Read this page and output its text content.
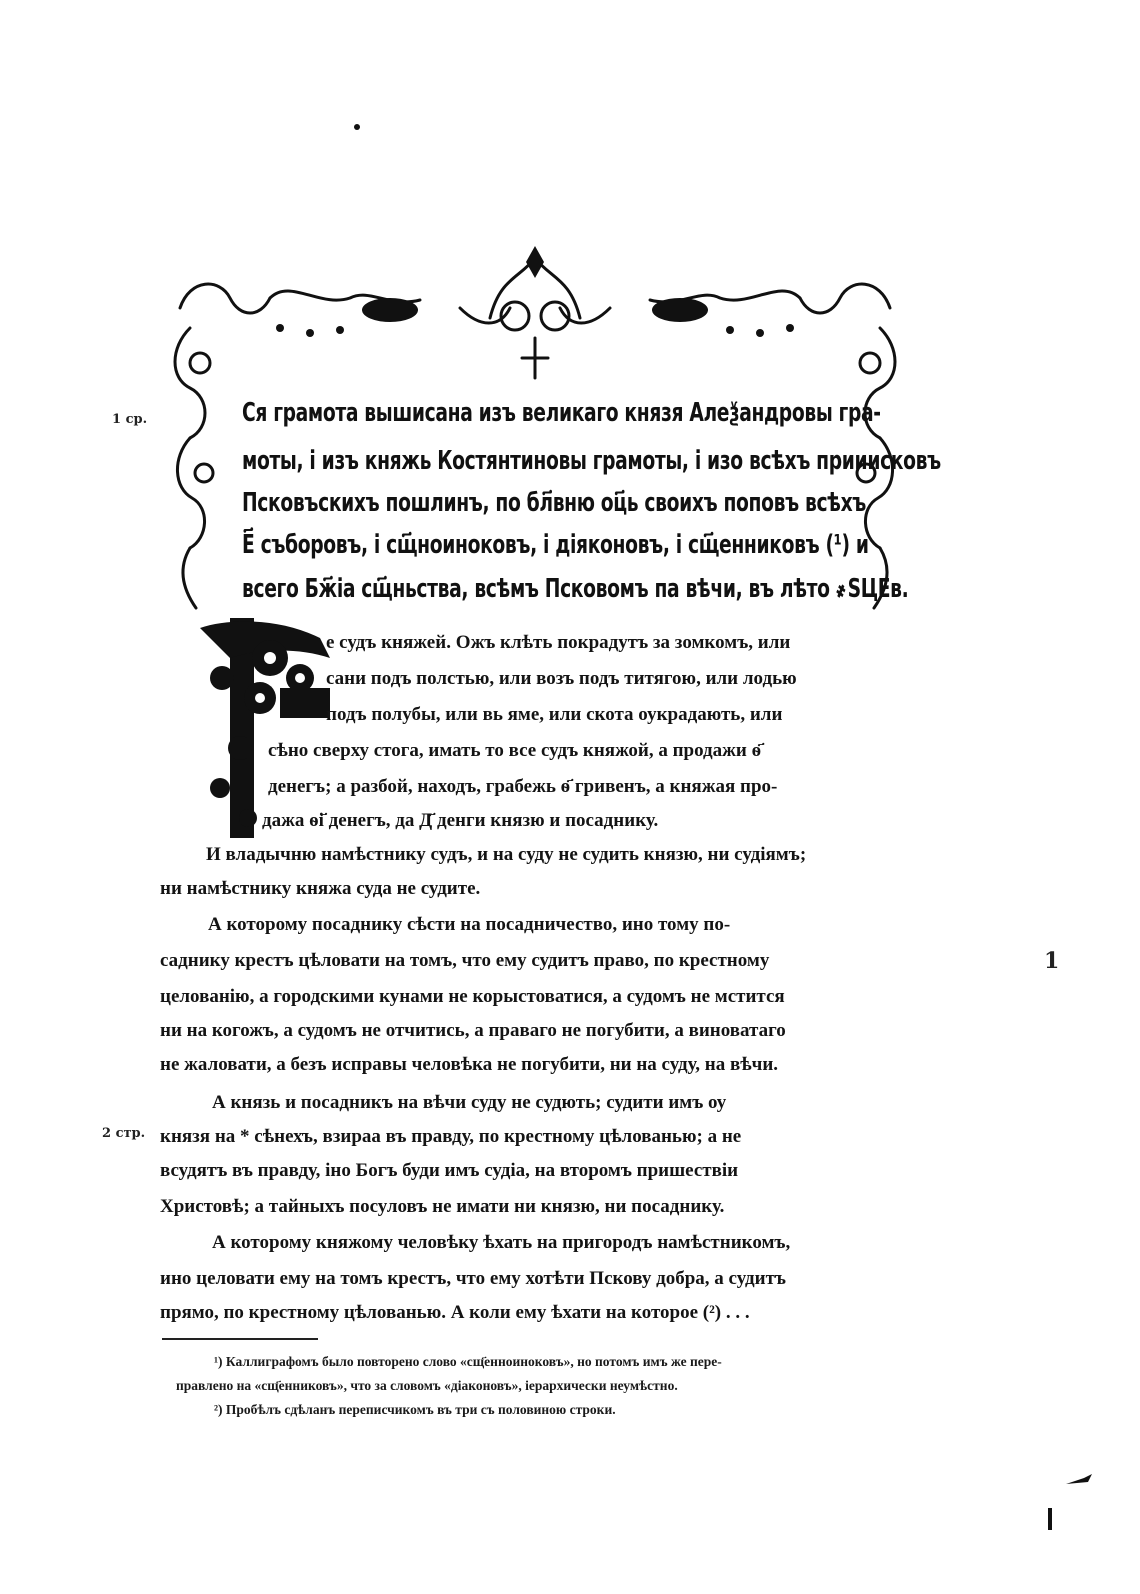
1 ср.
2 стр.
1
Ся грамота вышисана изъ великаго князя Алеѯандровы гра-
моты, і изъ княжь Костянтиновы грамоты, і изо всѣхъ прииисковъ
Псковъскихъ пошлинъ, по бл҃вню оц҃ь своихъ поповъ всѣхъ
Е҃ съборовъ, і сщ҃ноиноковъ, і діяконовъ, і сщ҃енниковъ (¹) и
всего Бж҃іа сщ҃ньства, всѣмъ Псковомъ па вѣчи, въ лѣто ҂ЅЦЕв.
е судъ княжей. Ожъ клѣть покрадутъ за зомкомъ, или
сани подъ полстью, или возъ подъ титягою, или лодью
подъ полубы, или вь яме, или скота оукрадають, или
сѣно сверху стога, имать то все судъ княжой, а продажи ѳ҃
денегъ; а разбой, находъ, грабежь ѳ҃ гривенъ, а княжая про-
дажа ѳі҃ денегъ, да Д҃ денги князю и посаднику.
И владычню намѣстнику судъ, и на суду не судить князю, ни судіямъ;
ни намѣстнику княжа суда не судите.
А которому посаднику сѣсти на посадничество, ино тому по-
саднику крестъ цѣловати на томъ, что ему судитъ право, по крестному
целованію, а городскими кунами не корыстоватися, а судомъ не мстится
ни на когожъ, а судомъ не отчитись, а праваго не погубити, а виноватаго
не жаловати, а безъ исправы человѣка не погубити, ни на суду, на вѣчи.
А князь и посадникъ на вѣчи суду не судють; судити имъ оу
князя на * сѣнехъ, взираа въ правду, по крестному цѣлованью; а не
всудятъ въ правду, іно Богъ буди имъ судіа, на второмъ пришествіи
Христовѣ; а тайныхъ посуловъ не имати ни князю, ни посаднику.
А которому княжому человѣку ѣхать на пригородъ намѣстникомъ,
ино целовати ему на томъ крестъ, что ему хотѣти Пскову добра, а судитъ
прямо, по крестному цѣлованью. А коли ему ѣхати на которое (²) . . .
¹) Каллиграфомъ было повторено слово «сщ҃енноиноковъ», но потомъ имъ же пере-
правлено на «сщ҃енниковъ», что за словомъ «діаконовъ», іерархически неумѣстно.
²) Пробѣлъ сдѣланъ переписчикомъ въ три съ половиною строки.
